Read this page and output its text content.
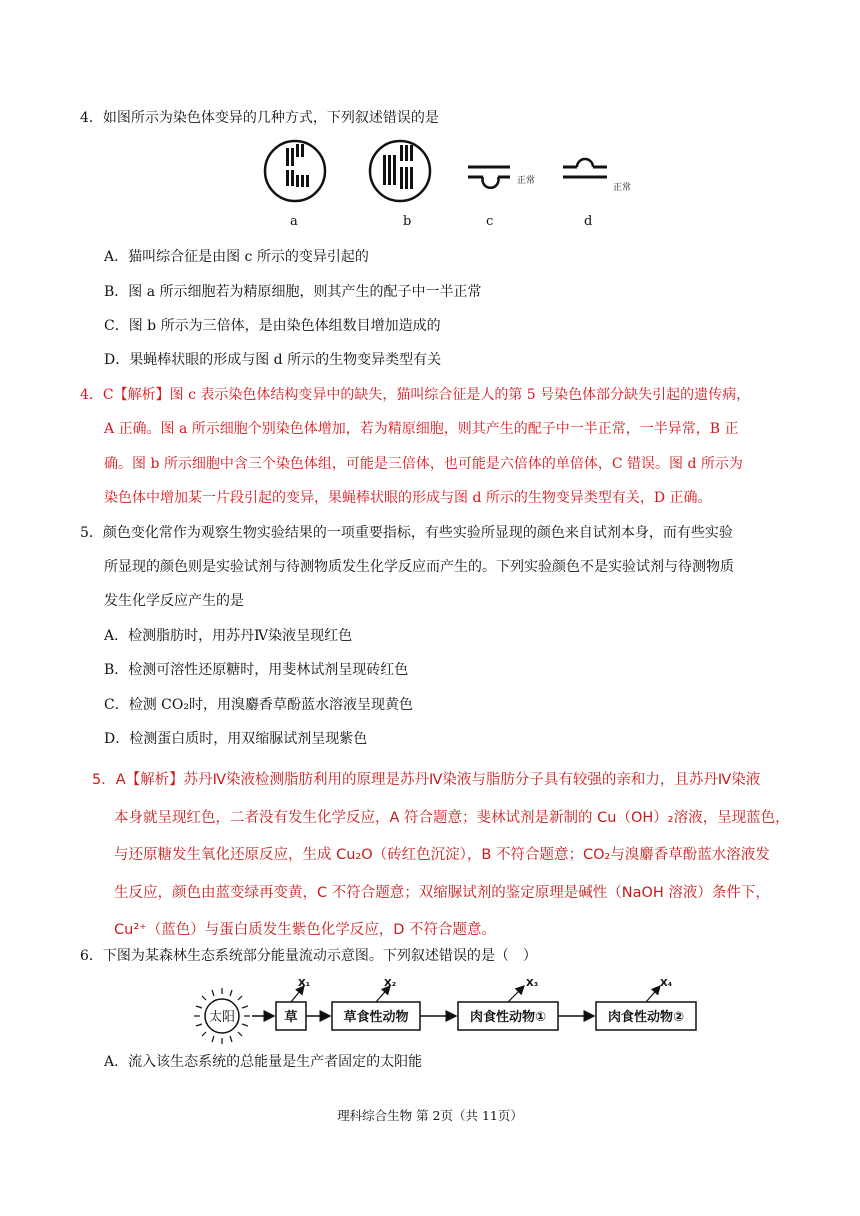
4．如图所示为染色体变异的几种方式，下列叙述错误的是
正常
正常
a	b	c	d
A．猫叫综合征是由图 c 所示的变异引起的
B．图 a 所示细胞若为精原细胞，则其产生的配子中一半正常
C．图 b 所示为三倍体，是由染色体组数目增加造成的
D．果蝇棒状眼的形成与图 d 所示的生物变异类型有关
4．C【解析】图 c 表示染色体结构变异中的缺失，猫叫综合征是人的第 5 号染色体部分缺失引起的遗传病，
A 正确。图 a 所示细胞个别染色体增加，若为精原细胞，则其产生的配子中一半正常，一半异常，B 正
确。图 b 所示细胞中含三个染色体组，可能是三倍体，也可能是六倍体的单倍体，C 错误。图 d 所示为
染色体中增加某一片段引起的变异，果蝇棒状眼的形成与图 d 所示的生物变异类型有关，D 正确。
5．颜色变化常作为观察生物实验结果的一项重要指标，有些实验所显现的颜色来自试剂本身，而有些实验
所显现的颜色则是实验试剂与待测物质发生化学反应而产生的。下列实验颜色不是实验试剂与待测物质
发生化学反应产生的是
A．检测脂肪时，用苏丹Ⅳ染液呈现红色
B．检测可溶性还原糖时，用斐林试剂呈现砖红色
C．检测 CO₂时，用溴麝香草酚蓝水溶液呈现黄色
D．检测蛋白质时，用双缩脲试剂呈现紫色
5．A【解析】苏丹Ⅳ染液检测脂肪利用的原理是苏丹Ⅳ染液与脂肪分子具有较强的亲和力，且苏丹Ⅳ染液
本身就呈现红色，二者没有发生化学反应，A 符合题意；斐林试剂是新制的 Cu（OH）₂溶液，呈现蓝色，
与还原糖发生氧化还原反应，生成 Cu₂O（砖红色沉淀），B 不符合题意；CO₂与溴麝香草酚蓝水溶液发
生反应，颜色由蓝变绿再变黄，C 不符合题意；双缩脲试剂的鉴定原理是碱性（NaOH 溶液）条件下，
Cu²⁺（蓝色）与蛋白质发生紫色化学反应，D 不符合题意。
6．下图为某森林生态系统部分能量流动示意图。下列叙述错误的是（　）
太阳	草
X₁
草食性动物
X₂
肉食性动物①
X₃
肉食性动物②
X₄
A．流入该生态系统的总能量是生产者固定的太阳能
理科综合生物 第 2页（共 11页）
